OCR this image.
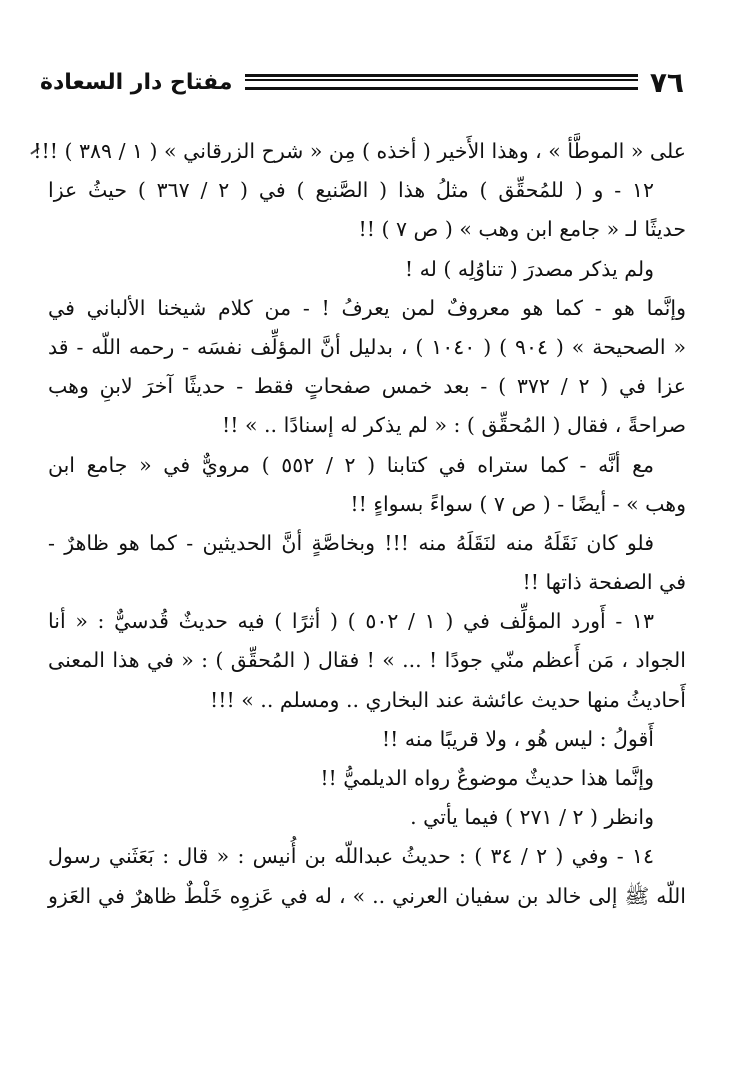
مفتاح دار السعادة	٧٦
على « الموطَّأ » ، وهذا الأَخير ( أخذه ) مِن « شرح الزرقاني » ( ١ / ٣٨٩ ) !!!
١٢ - و ( للمُحقِّق ) مثلُ هذا ( الصَّنيع ) في ( ٢ / ٣٦٧ ) حيثُ عزا
حديثًا لـ « جامع ابن وهب » ( ص ٧ ) !!
ولم يذكر مصدرَ ( تناوُلِه ) له !
وإنَّما هو - كما هو معروفٌ لمن يعرفُ ! - من كلام شيخنا الألباني في
« الصحيحة » ( ٩٠٤ ) ( ١٠٤٠ ) ، بدليل أنَّ المؤلِّف نفسَه - رحمه اللّه - قد
عزا في ( ٢ / ٣٧٢ ) - بعد خمس صفحاتٍ فقط - حديثًا آخرَ لابنِ وهب
صراحةً ، فقال ( المُحقِّق ) : « لم يذكر له إسنادًا .. » !!
مع أنَّه - كما ستراه في كتابنا ( ٢ / ٥٥٢ ) مرويٌّ في « جامع ابن
وهب » - أيضًا - ( ص ٧ ) سواءً بسواءٍ !!
فلو كان نَقَلَهُ منه لنَقَلَهُ منه !!! وبخاصَّةٍ أنَّ الحديثين - كما هو ظاهرٌ -
في الصفحة ذاتها !!
١٣ - أَورد المؤلِّف في ( ١ / ٥٠٢ ) ( أثرًا ) فيه حديثٌ قُدسيٌّ : « أنا
الجواد ، مَن أَعظم منّي جودًا ! ... » ! فقال ( المُحقِّق ) : « في هذا المعنى
أَحاديثُ منها حديث عائشة عند البخاري .. ومسلم .. » !!!
أَقولُ : ليس هُو ، ولا قريبًا منه !!
وإنَّما هذا حديثٌ موضوعٌ رواه الديلميُّ !!
وانظر ( ٢ / ٢٧١ ) فيما يأتي .
١٤ - وفي ( ٢ / ٣٤ ) : حديثُ عبداللّه بن أُنيس : « قال : بَعَثَني رسول
اللّه ﷺ إلى خالد بن سفيان العرني .. » ، له في عَزوِه خَلْطٌ ظاهرٌ في العَزو
